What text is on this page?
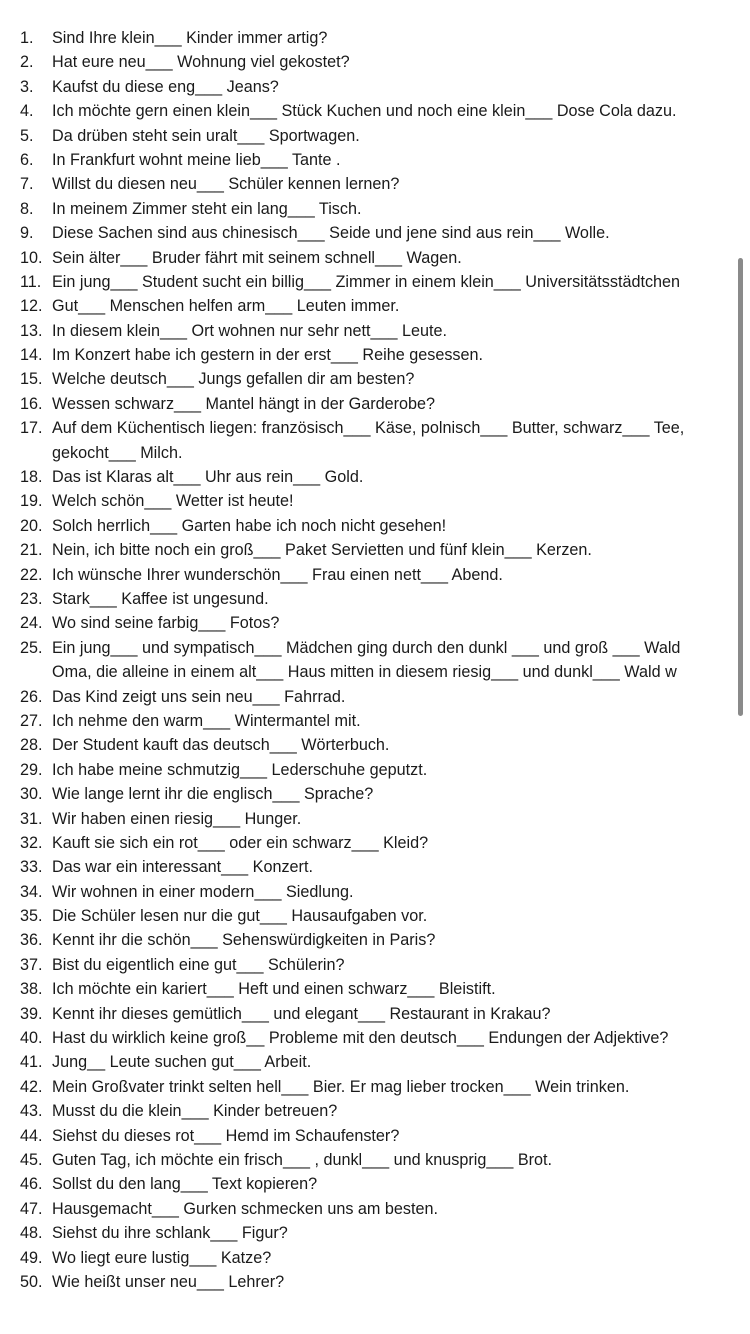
1.	Sind Ihre klein___ Kinder immer artig?
2.	Hat eure neu___ Wohnung viel gekostet?
3.	Kaufst du diese eng___ Jeans?
4.	Ich möchte gern einen klein___ Stück Kuchen und noch eine klein___ Dose Cola dazu.
5.	Da drüben steht sein uralt___ Sportwagen.
6.	In Frankfurt wohnt meine lieb___ Tante .
7.	Willst du diesen neu___ Schüler kennen lernen?
8.	In meinem Zimmer steht ein lang___ Tisch.
9.	Diese Sachen sind aus chinesisch___ Seide und jene sind aus rein___ Wolle.
10. Sein älter___ Bruder fährt mit seinem schnell___ Wagen.
11. Ein jung___ Student sucht ein billig___ Zimmer in einem klein___ Universitätsstädtchen
12. Gut___ Menschen helfen arm___ Leuten immer.
13. In diesem klein___ Ort wohnen nur sehr nett___ Leute.
14. Im Konzert habe ich gestern in der erst___ Reihe gesessen.
15. Welche deutsch___ Jungs gefallen dir am besten?
16. Wessen schwarz___ Mantel hängt in der Garderobe?
17. Auf dem Küchentisch liegen: französisch___ Käse, polnisch___ Butter, schwarz___ Tee,
gekocht___ Milch.
18. Das ist Klaras alt___ Uhr aus rein___ Gold.
19. Welch schön___ Wetter ist heute!
20. Solch herrlich___ Garten habe ich noch nicht gesehen!
21. Nein, ich bitte noch ein groß___ Paket Servietten und fünf klein___ Kerzen.
22. Ich wünsche Ihrer wunderschön___ Frau einen nett___ Abend.
23. Stark___ Kaffee ist ungesund.
24. Wo sind seine farbig___ Fotos?
25. Ein jung___ und sympatisch___ Mädchen ging durch den dunkl ___ und groß ___ Wald
Oma, die alleine in einem alt___ Haus mitten in diesem riesig___ und dunkl___ Wald w
26. Das Kind zeigt uns sein neu___ Fahrrad.
27. Ich nehme den warm___ Wintermantel mit.
28. Der Student kauft das deutsch___ Wörterbuch.
29. Ich habe meine schmutzig___ Lederschuhe geputzt.
30. Wie lange lernt ihr die englisch___ Sprache?
31. Wir haben einen riesig___ Hunger.
32. Kauft sie sich ein rot___ oder ein schwarz___ Kleid?
33. Das war ein interessant___ Konzert.
34. Wir wohnen in einer modern___ Siedlung.
35. Die Schüler lesen nur die gut___ Hausaufgaben vor.
36. Kennt ihr die schön___ Sehenswürdigkeiten in Paris?
37. Bist du eigentlich eine gut___ Schülerin?
38. Ich möchte ein kariert___ Heft und einen schwarz___ Bleistift.
39. Kennt ihr dieses gemütlich___ und elegant___ Restaurant in Krakau?
40. Hast du wirklich keine groß__ Probleme mit den deutsch___ Endungen der Adjektive?
41. Jung__ Leute suchen gut___ Arbeit.
42. Mein Großvater trinkt selten hell___ Bier. Er mag lieber trocken___ Wein trinken.
43. Musst du die klein___ Kinder betreuen?
44. Siehst du dieses rot___ Hemd im Schaufenster?
45. Guten Tag, ich möchte ein frisch___ , dunkl___ und knusprig___ Brot.
46. Sollst du den lang___ Text kopieren?
47. Hausgemacht___ Gurken schmecken uns am besten.
48. Siehst du ihre schlank___ Figur?
49. Wo liegt eure lustig___ Katze?
50. Wie heißt unser neu___ Lehrer?
